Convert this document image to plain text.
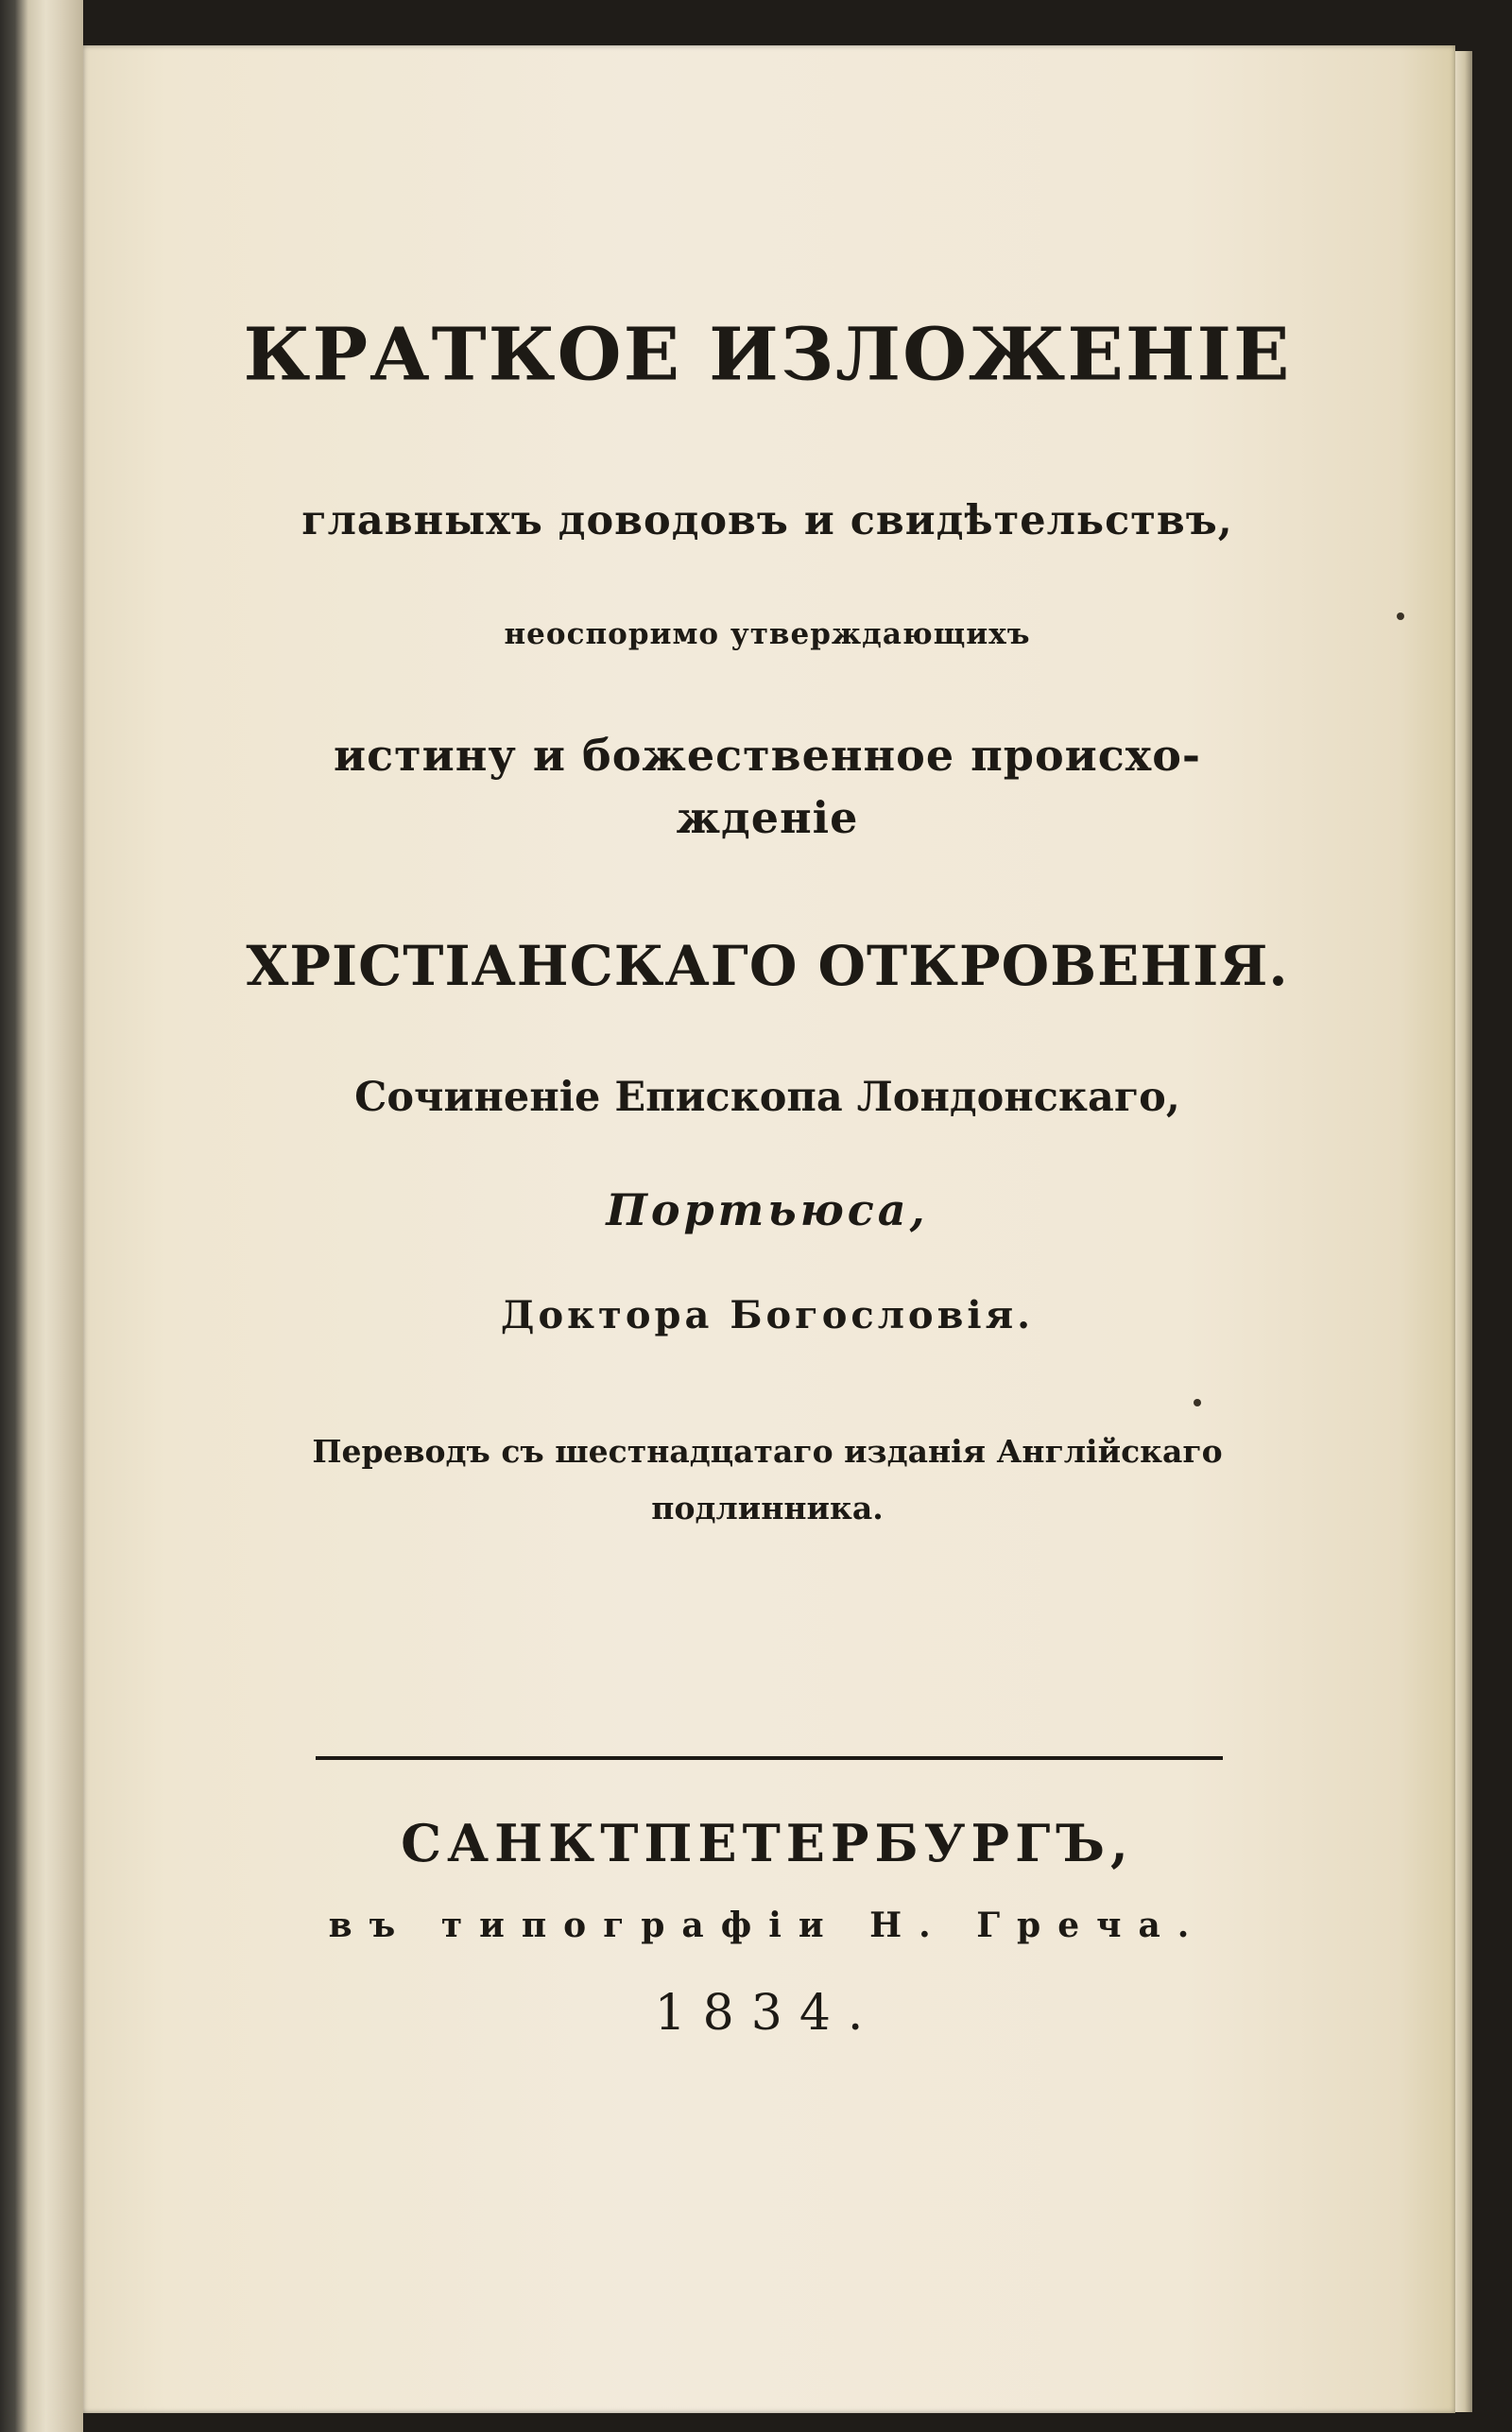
КРАТКОЕ ИЗЛОЖЕНІЕ

главныхъ доводовъ и свидѣтельствъ,

неоспоримо утверждающихъ

истину и божественное происхо-

жденіе

ХРІСТІАНСКАГО ОТКРОВЕНІЯ.

Сочиненіе Епископа Лондонскаго,

Портьюса,

Доктора Богословія.

Переводъ съ шестнадцатаго изданія Англійскаго

подлинника.

САНКТПЕТЕРБУРГЪ,

въ типографіи Н. Греча.

1834.
